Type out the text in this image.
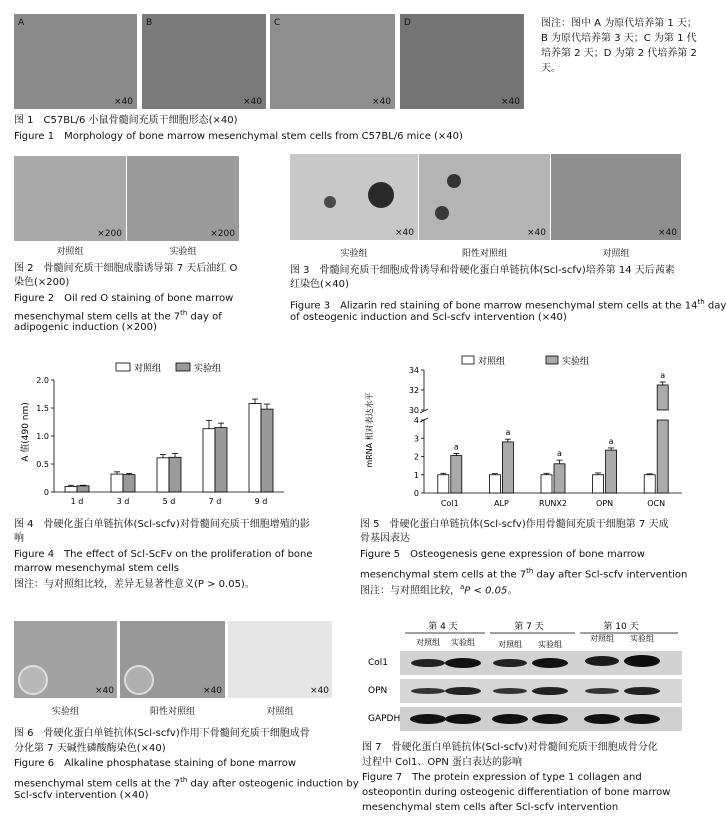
A
×40
B
×40
C
×40
D
×40
图注：图中 A 为原代培养第 1 天；B 为原代培养第 3 天；C 为第 1 代培养第 2 天；D 为第 2 代培养第 2 天。
图 1　C57BL/6 小鼠骨髓间充质干细胞形态(×40)
Figure 1　Morphology of bone marrow mesenchymal stem cells from C57BL/6 mice (×40)
×200	×200
对照组	实验组
图 2　骨髓间充质干细胞成脂诱导第 7 天后油红 O
染色(×200)
Figure 2　Oil red O staining of bone marrow
mesenchymal stem cells at the 7th day of
adipogenic induction (×200)
×40	×40	×40
实验组	阳性对照组	对照组
图 3　骨髓间充质干细胞成骨诱导和骨硬化蛋白单链抗体(Scl-scfv)培养第 14 天后茜素
红染色(×40)
Figure 3　Alizarin red staining of bone marrow mesenchymal stem cells at the 14th day
of osteogenic induction and Scl-scfv intervention (×40)
对照组	实验组
A 值(490 nm)
0
0.5
1.0
1.5
2.0
1 d	3 d	5 d	7 d	9 d
图 4　骨硬化蛋白单链抗体(Scl-scfv)对骨髓间充质干细胞增殖的影
响
Figure 4　The effect of Scl-ScFv on the proliferation of bone
marrow mesenchymal stem cells
图注：与对照组比较，差异无显著性意义(P > 0.05)。
对照组	实验组
mRNA 相对表达水平
0
1
2
3
4
30
32
34
a
Col1
a
ALP
a
RUNX2
a
OPN
a
OCN
图 5　骨硬化蛋白单链抗体(Scl-scfv)作用骨髓间充质干细胞第 7 天成
骨基因表达
Figure 5　Osteogenesis gene expression of bone marrow
mesenchymal stem cells at the 7th day after Scl-scfv intervention
图注：与对照组比较，$^a$P < 0.05。
×40	×40	×40
实验组	阳性对照组	对照组
图 6　骨硬化蛋白单链抗体(Scl-scfv)作用下骨髓间充质干细胞成骨
分化第 7 天碱性磷酸酶染色(×40)
Figure 6　Alkaline phosphatase staining of bone marrow
mesenchymal stem cells at the 7th day after osteogenic induction by
Scl-scfv intervention (×40)
第 4 天	第 7 天	第 10 天
对照组 实验组	对照组 实验组
对照组 实验组
Col1
OPN
GAPDH
图 7　骨硬化蛋白单链抗体(Scl-scfv)对骨髓间充质干细胞成骨分化
过程中 Col1、OPN 蛋白表达的影响
Figure 7　The protein expression of type 1 collagen and
osteopontin during osteogenic differentiation of bone marrow
mesenchymal stem cells after Scl-scfv intervention
